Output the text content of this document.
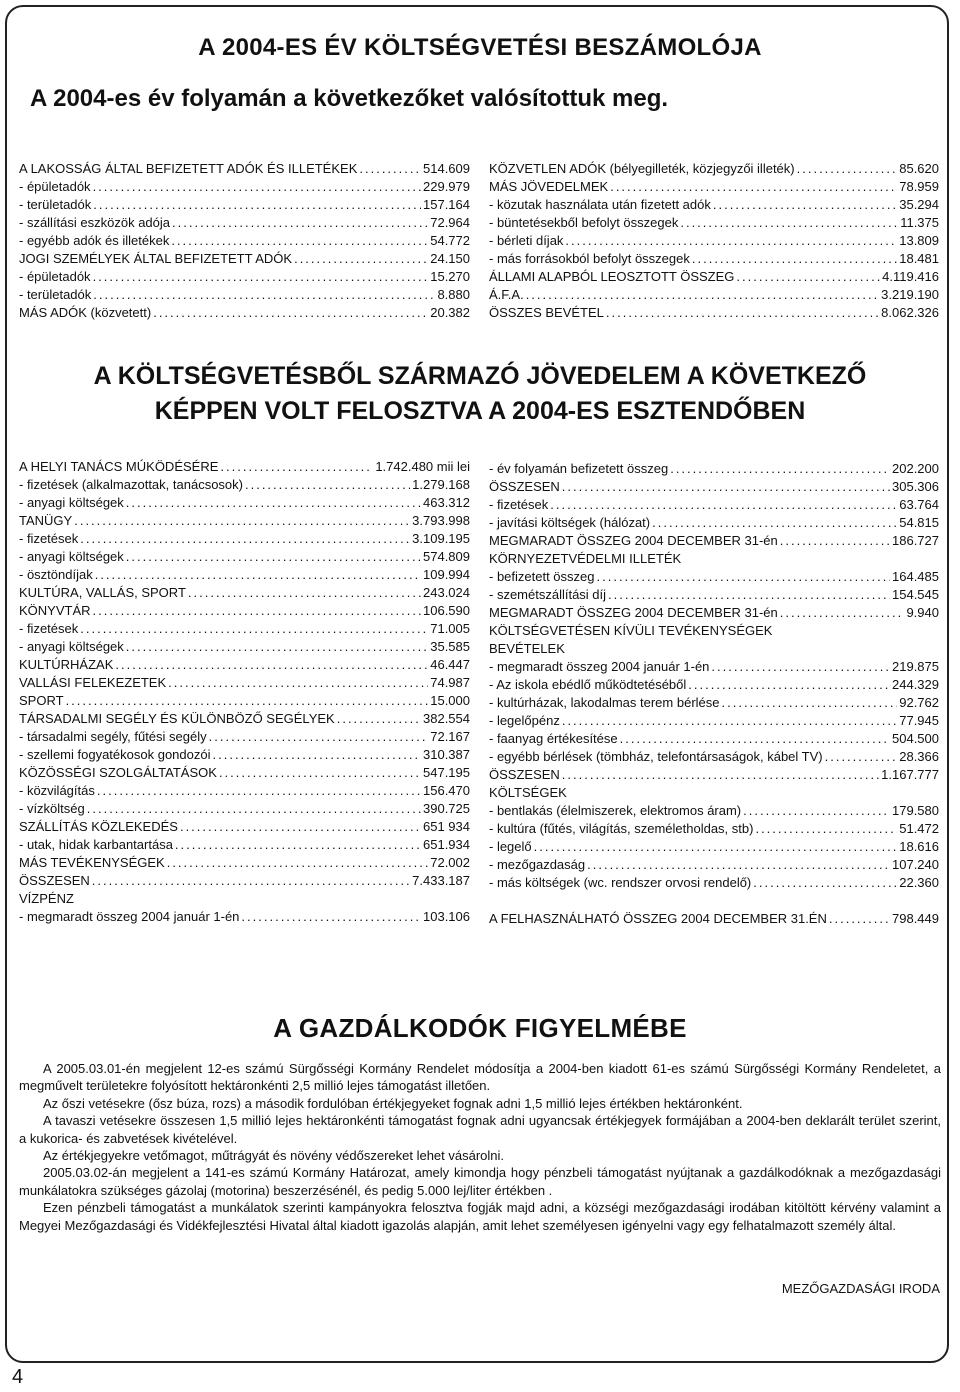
A 2004-ES ÉV KÖLTSÉGVETÉSI BESZÁMOLÓJA
A 2004-es év folyamán a következőket valósítottuk meg.
A LAKOSSÁG ÁLTAL BEFIZETETT ADÓK ÉS ILLETÉKEK .....	514.609
- épületadók .....	229.979
- területadók .....	157.164
- szállítási eszközök adója .....	72.964
- egyébb adók és illetékek .....	54.772
JOGI SZEMÉLYEK ÁLTAL BEFIZETETT ADÓK .....	24.150
- épületadók .....	15.270
- területadók .....	8.880
MÁS ADÓK (közvetett) .....	20.382
KÖZVETLEN ADÓK (bélyegilleték, közjegyzői illeték) .....	85.620
MÁS JÖVEDELMEK .....	78.959
- közutak használata után fizetett adók .....	35.294
- büntetésekből befolyt összegek .....	11.375
- bérleti díjak .....	13.809
- más forrásokból befolyt összegek .....	18.481
ÁLLAMI ALAPBÓL LEOSZTOTT ÖSSZEG .....	4.119.416
Á.F.A. .....	3.219.190
ÖSSZES BEVÉTEL .....	8.062.326
A KÖLTSÉGVETÉSBŐL SZÁRMAZÓ JÖVEDELEM A KÖVETKEZŐ
KÉPPEN VOLT FELOSZTVA A 2004-ES ESZTENDŐBEN
A HELYI TANÁCS MÚKÖDÉSÉRE .....	1.742.480 mii lei
- fizetések (alkalmazottak, tanácsosok) .....	1.279.168
- anyagi költségek .....	463.312
TANÜGY .....	3.793.998
- fizetések .....	3.109.195
- anyagi költségek .....	574.809
- ösztöndíjak .....	109.994
KULTÚRA, VALLÁS, SPORT .....	243.024
KÖNYVTÁR .....	106.590
- fizetések .....	71.005
- anyagi költségek .....	35.585
KULTÚRHÁZAK .....	46.447
VALLÁSI FELEKEZETEK .....	74.987
SPORT .....	15.000
TÁRSADALMI SEGÉLY ÉS KÜLÖNBÖZŐ SEGÉLYEK .....	382.554
- társadalmi segély, fűtési segély .....	72.167
- szellemi fogyatékosok gondozói .....	310.387
KÖZÖSSÉGI SZOLGÁLTATÁSOK .....	547.195
- közvilágítás .....	156.470
- vízköltség .....	390.725
SZÁLLÍTÁS KÖZLEKEDÉS .....	651 934
- utak, hidak karbantartása .....	651.934
MÁS TEVÉKENYSÉGEK .....	72.002
ÖSSZESEN .....	7.433.187
VÍZPÉNZ
- megmaradt összeg 2004 január 1-én .....	103.106
- év folyamán befizetett összeg .....	202.200
ÖSSZESEN .....	305.306
- fizetések .....	63.764
- javítási költségek (hálózat) .....	54.815
MEGMARADT ÖSSZEG 2004 DECEMBER 31-én .....	186.727
KÖRNYEZETVÉDELMI ILLETÉK
- befizetett összeg .....	164.485
- szemétszállítási díj .....	154.545
MEGMARADT ÖSSZEG 2004 DECEMBER 31-én .....	9.940
KÖLTSÉGVETÉSEN KÍVÜLI TEVÉKENYSÉGEK
BEVÉTELEK
- megmaradt összeg 2004 január 1-én .....	219.875
- Az iskola ebédlő működtetéséből .....	244.329
- kultúrházak, lakodalmas terem bérlése .....	92.762
- legelőpénz .....	77.945
- faanyag értékesítése .....	504.500
- egyébb bérlések (tömbház, telefontársaságok, kábel TV) .....	28.366
ÖSSZESEN .....	1.167.777
KÖLTSÉGEK
- bentlakás (élelmiszerek, elektromos áram) .....	179.580
- kultúra (fűtés, világítás, személetholdas, stb) .....	51.472
- legelő .....	18.616
- mezőgazdaság .....	107.240
- más költségek (wc. rendszer orvosi rendelő) .....	22.360
A FELHASZNÁLHATÓ ÖSSZEG 2004 DECEMBER 31.ÉN .....	798.449
A GAZDÁLKODÓK FIGYELMÉBE

A 2005.03.01-én megjelent 12-es számú Sürgősségi Kormány Rendelet módosítja a 2004-ben kiadott 61-es számú Sürgősségi Kormány Rendeletet, a megművelt területekre folyósított hektáronkénti 2,5 millió lejes támogatást illetően.

Az őszi vetésekre (ősz búza, rozs) a második fordulóban értékjegyeket fognak adni 1,5 millió lejes értékben hektáronként.

A tavaszi vetésekre összesen 1,5 millió lejes hektáronkénti támogatást fognak adni ugyancsak értékjegyek formájában a 2004-ben deklarált terület szerint, a kukorica- és zabvetések kivételével.

Az értékjegyekre vetőmagot, műtrágyát és növény védőszereket lehet vásárolni.

2005.03.02-án megjelent a 141-es számú Kormány Határozat, amely kimondja hogy pénzbeli támogatást nyújtanak a gazdálkodóknak a mezőgazdasági munkálatokra szükséges gázolaj (motorina) beszerzésénél, és pedig 5.000 lej/liter értékben .

Ezen pénzbeli támogatást a munkálatok szerinti kampányokra felosztva fogják majd adni, a községi mezőgazdasági irodában kitöltött kérvény valamint a Megyei Mezőgazdasági és Vidékfejlesztési Hivatal által kiadott igazolás alapján, amit lehet személyesen igényelni vagy egy felhatalmazott személy által.

MEZŐGAZDASÁGI IRODA
4
